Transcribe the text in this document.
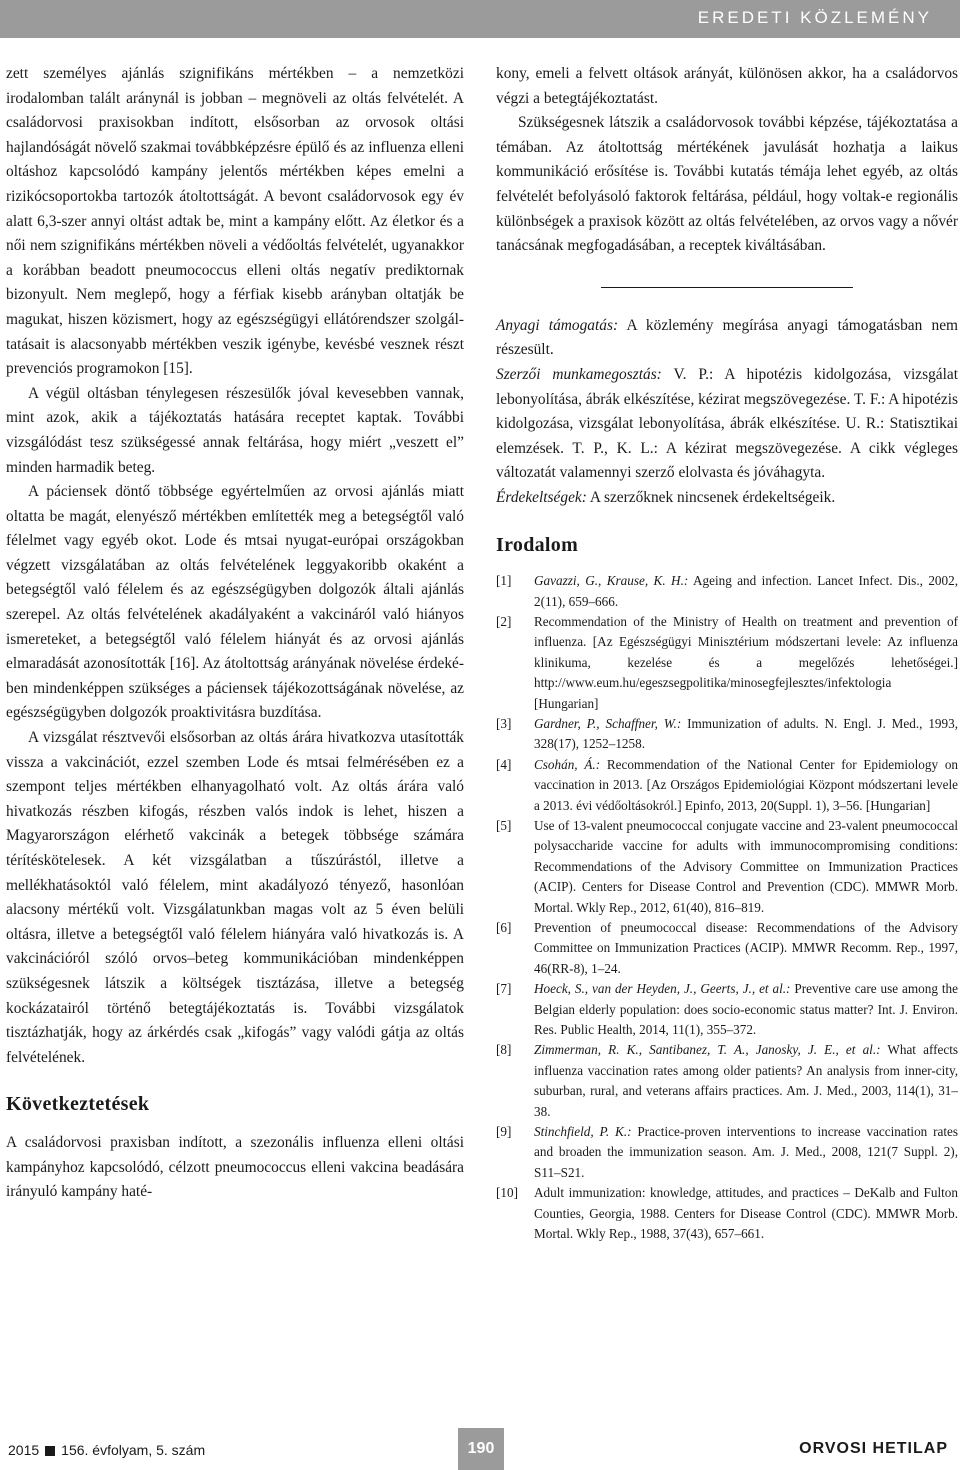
EREDETI KÖZLEMÉNY

zett személyes ajánlás szignifikáns mértékben – a nemzetközi irodalomban talált aránynál is jobban – megnöveli az oltás felvételét. A családorvosi praxisokban indított, elsősorban az orvosok oltási hajlandóságát növelő szakmai továbbképzésre épülő és az influenza elleni oltáshoz kapcsolódó kampány jelentős mértékben képes emelni a rizikócsoportokba tartozók átoltottságát. A bevont családorvosok egy év alatt 6,3-szer annyi oltást adtak be, mint a kampány előtt. Az életkor és a női nem szignifikáns mértékben növeli a védőoltás felvételét, ugyanakkor a korábban beadott pneumococcus elleni oltás negatív prediktornak bizonyult. Nem meglepő, hogy a férfiak kisebb arányban oltatják be magukat, hiszen közismert, hogy az egészségügyi ellátórendszer szolgáltatásait is alacsonyabb mértékben veszik igénybe, kevésbé vesznek részt prevenciós programokon [15].

A végül oltásban ténylegesen részesülők jóval kevesebben vannak, mint azok, akik a tájékoztatás hatására receptet kaptak. További vizsgálódást tesz szükségessé annak feltárása, hogy miért „veszett el” minden harmadik beteg.

A páciensek döntő többsége egyértelműen az orvosi ajánlás miatt oltatta be magát, elenyésző mértékben említették meg a betegségtől való félelmet vagy egyéb okot. Lode és mtsai nyugat-európai országokban végzett vizsgálatában az oltás felvételének leggyakoribb okaként a betegségtől való félelem és az egészségügyben dolgozók általi ajánlás szerepel. Az oltás felvételének akadályaként a vakcináról való hiányos ismereteket, a betegségtől való félelem hiányát és az orvosi ajánlás elmaradását azonosították [16]. Az átoltottság arányának növelése érdekében mindenképpen szükséges a páciensek tájékozottságának növelése, az egészségügyben dolgozók proaktivitásra buzdítása.

A vizsgálat résztvevői elsősorban az oltás árára hivatkozva utasították vissza a vakcinációt, ezzel szemben Lode és mtsai felmérésében ez a szempont teljes mértékben elhanyagolható volt. Az oltás árára való hivatkozás részben kifogás, részben valós indok is lehet, hiszen a Magyarországon elérhető vakcinák a betegek többsége számára térítéskötelesek. A két vizsgálatban a tűszúrástól, illetve a mellékhatásoktól való félelem, mint akadályozó tényező, hasonlóan alacsony mértékű volt. Vizsgálatunkban magas volt az 5 éven belüli oltásra, illetve a betegségtől való félelem hiányára való hivatkozás is. A vakcinációról szóló orvos–beteg kommunikációban mindenképpen szükségesnek látszik a költségek tisztázása, illetve a betegség kockázatairól történő betegtájékoztatás is. További vizsgálatok tisztázhatják, hogy az árkérdés csak „kifogás” vagy valódi gátja az oltás felvételének.

Következtetések

A családorvosi praxisban indított, a szezonális influenza elleni oltási kampányhoz kapcsolódó, célzott pneumococcus elleni vakcina beadására irányuló kampány haté-

kony, emeli a felvett oltások arányát, különösen akkor, ha a családorvos végzi a betegtájékoztatást.

Szükségesnek látszik a családorvosok további képzése, tájékoztatása a témában. Az átoltottság mértékének javulását hozhatja a laikus kommunikáció erősítése is. További kutatás témája lehet egyéb, az oltás felvételét befolyásoló faktorok feltárása, például, hogy voltak-e regionális különbségek a praxisok között az oltás felvételében, az orvos vagy a nővér tanácsának megfogadásában, a receptek kiváltásában.

Anyagi támogatás: A közlemény megírása anyagi támogatásban nem részesült.

Szerzői munkamegosztás: V. P.: A hipotézis kidolgozása, vizsgálat lebonyolítása, ábrák elkészítése, kézirat megszövegezése. T. F.: A hipotézis kidolgozása, vizsgálat lebonyolítása, ábrák elkészítése. U. R.: Statisztikai elemzések. T. P., K. L.: A kézirat megszövegezése. A cikk végleges változatát valamennyi szerző elolvasta és jóváhagyta.

Érdekeltségek: A szerzőknek nincsenek érdekeltségeik.

Irodalom
[1]	Gavazzi, G., Krause, K. H.: Ageing and infection. Lancet Infect. Dis., 2002, 2(11), 659–666.
[2]	Recommendation of the Ministry of Health on treatment and prevention of influenza. [Az Egészségügyi Minisztérium módszertani levele: Az influenza klinikuma, kezelése és a megelőzés lehetőségei.] http://www.eum.hu/egeszsegpolitika/minosegfejlesztes/infektologia [Hungarian]
[3]	Gardner, P., Schaffner, W.: Immunization of adults. N. Engl. J. Med., 1993, 328(17), 1252–1258.
[4]	Csohán, Á.: Recommendation of the National Center for Epidemiology on vaccination in 2013. [Az Országos Epidemiológiai Központ módszertani levele a 2013. évi védőoltásokról.] Epinfo, 2013, 20(Suppl. 1), 3–56. [Hungarian]
[5]	Use of 13-valent pneumococcal conjugate vaccine and 23-valent pneumococcal polysaccharide vaccine for adults with immunocompromising conditions: Recommendations of the Advisory Committee on Immunization Practices (ACIP). Centers for Disease Control and Prevention (CDC). MMWR Morb. Mortal. Wkly Rep., 2012, 61(40), 816–819.
[6]	Prevention of pneumococcal disease: Recommendations of the Advisory Committee on Immunization Practices (ACIP). MMWR Recomm. Rep., 1997, 46(RR-8), 1–24.
[7]	Hoeck, S., van der Heyden, J., Geerts, J., et al.: Preventive care use among the Belgian elderly population: does socio-economic status matter? Int. J. Environ. Res. Public Health, 2014, 11(1), 355–372.
[8]	Zimmerman, R. K., Santibanez, T. A., Janosky, J. E., et al.: What affects influenza vaccination rates among older patients? An analysis from inner-city, suburban, rural, and veterans affairs practices. Am. J. Med., 2003, 114(1), 31–38.
[9]	Stinchfield, P. K.: Practice-proven interventions to increase vaccination rates and broaden the immunization season. Am. J. Med., 2008, 121(7 Suppl. 2), S11–S21.
[10]	Adult immunization: knowledge, attitudes, and practices – DeKalb and Fulton Counties, Georgia, 1988. Centers for Disease Control (CDC). MMWR Morb. Mortal. Wkly Rep., 1988, 37(43), 657–661.
2015 156. évfolyam, 5. szám	190	ORVOSI HETILAP
